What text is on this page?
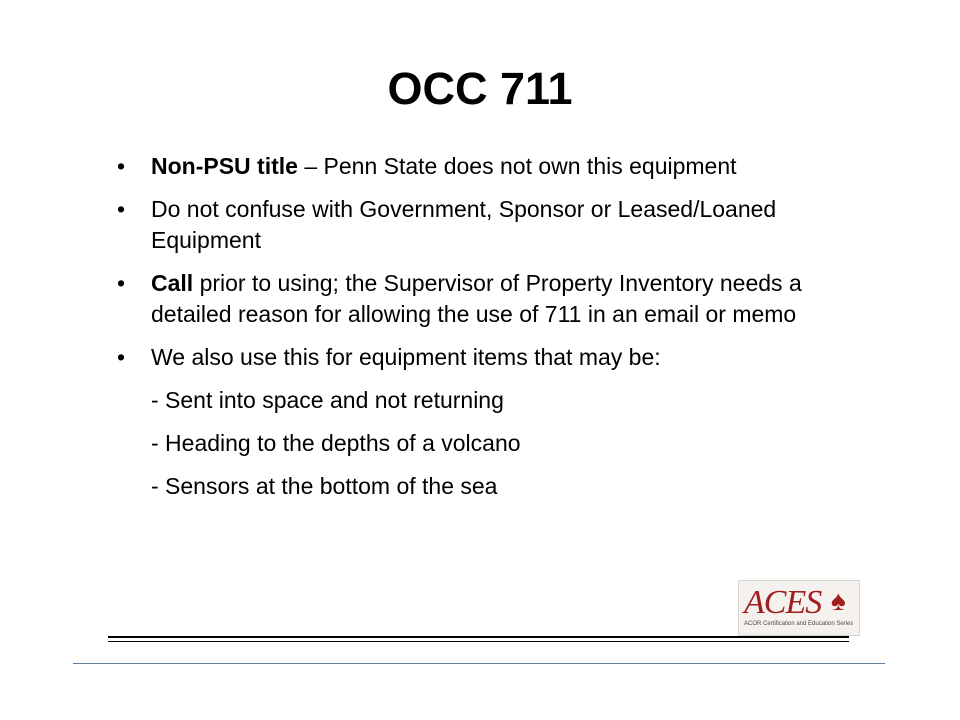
OCC 711
• Non-PSU title – Penn State does not own this equipment
• Do not confuse with Government, Sponsor or Leased/Loaned Equipment
• Call prior to using; the Supervisor of Property Inventory needs a detailed reason for allowing the use of 711 in an email or memo
• We also use this for equipment items that may be:
- Sent into space and not returning
- Heading to the depths of a volcano
- Sensors at the bottom of the sea
ACES ♠
ACOR Certification and Education Series
